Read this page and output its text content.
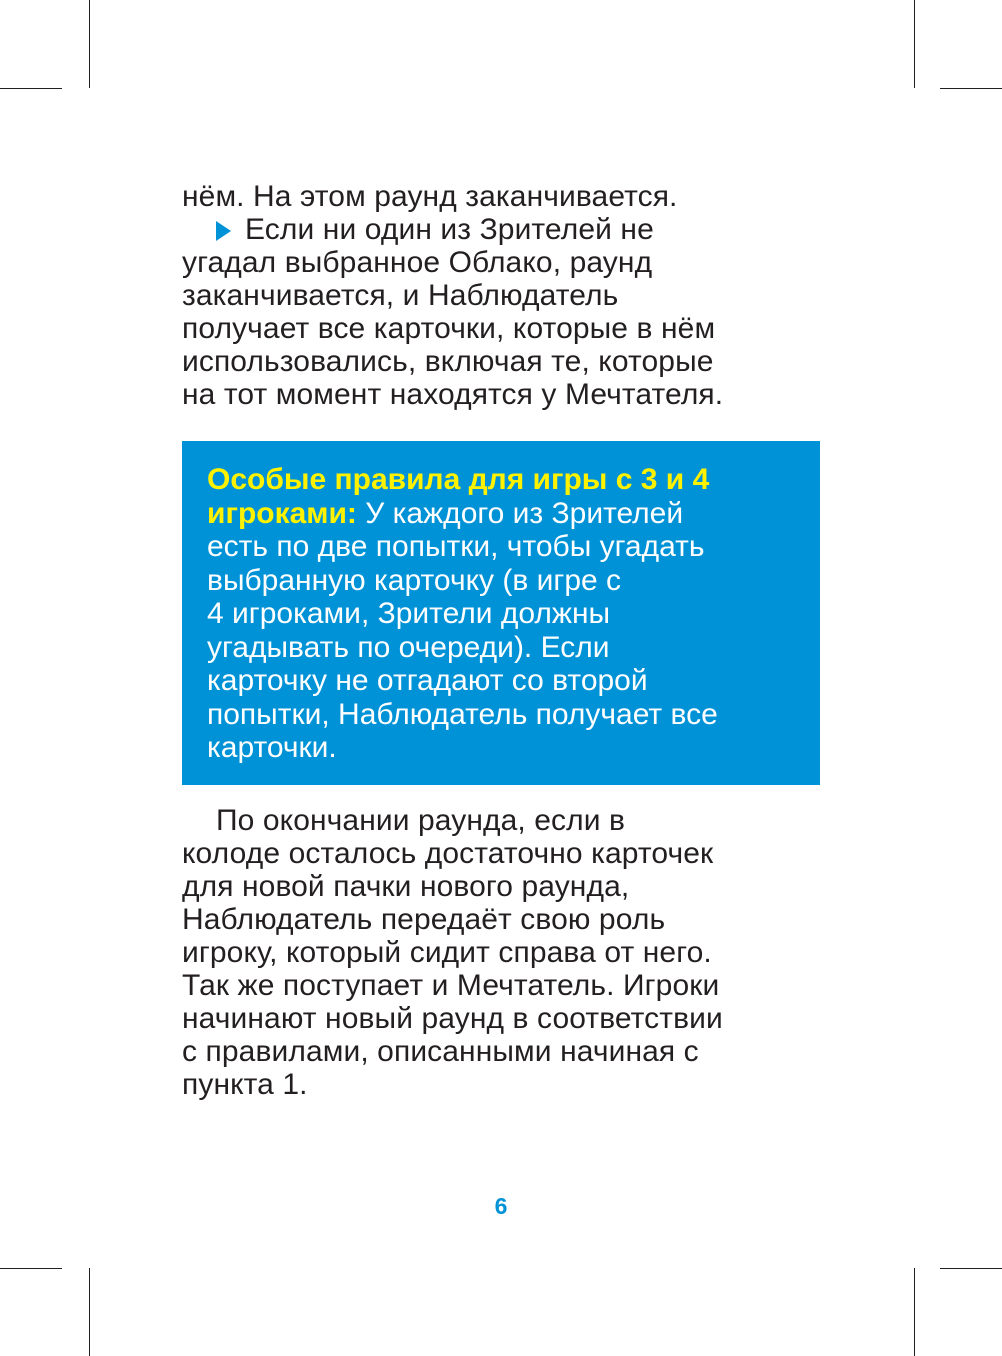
нём. На этом раунд заканчивается.
Если ни один из Зрителей не
угадал выбранное Облако, раунд
заканчивается, и Наблюдатель
получает все карточки, которые в нём
использовались, включая те, которые
на тот момент находятся у Мечтателя.
Особые правила для игры с 3 и 4
игроками: У каждого из Зрителей
есть по две попытки, чтобы угадать
выбранную карточку (в игре с
4 игроками, Зрители должны
угадывать по очереди). Если
карточку не отгадают со второй
попытки, Наблюдатель получает все
карточки.
По окончании раунда, если в
колоде осталось достаточно карточек
для новой пачки нового раунда,
Наблюдатель передаёт свою роль
игроку, который сидит справа от него.
Так же поступает и Мечтатель. Игроки
начинают новый раунд в соответствии
с правилами, описанными начиная с
пункта 1.
6
